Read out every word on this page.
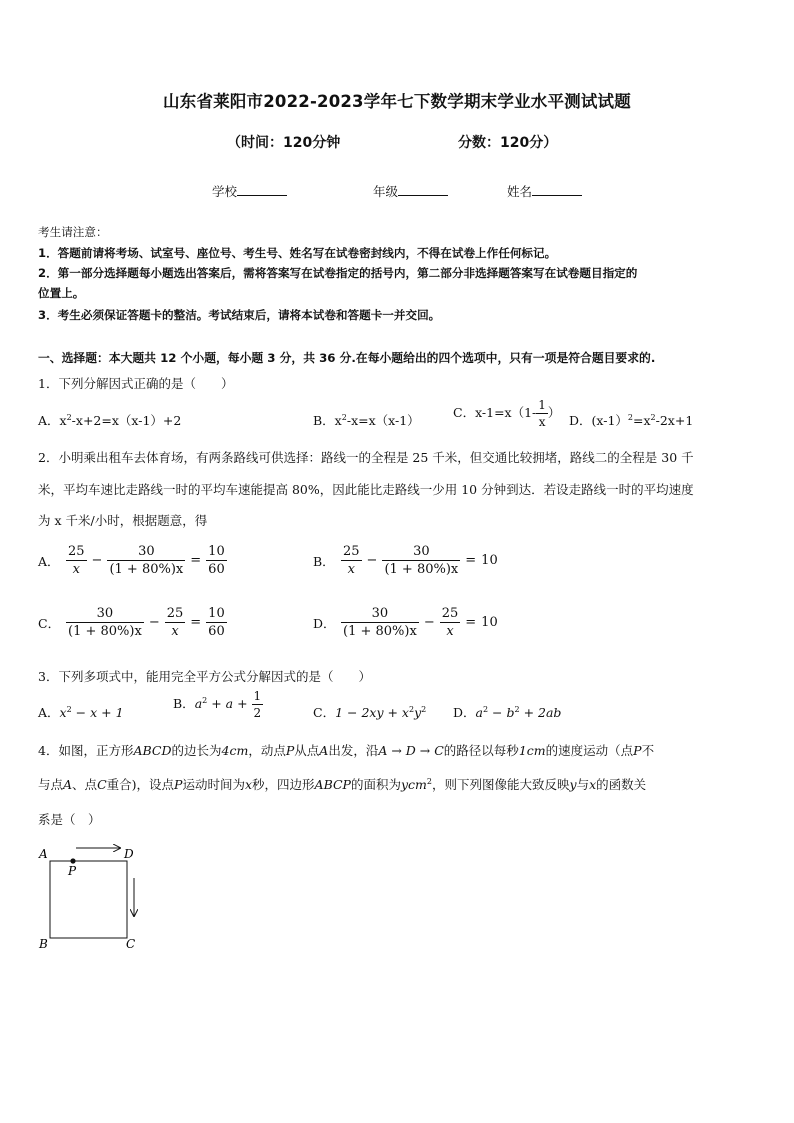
山东省莱阳市2022-2023学年七下数学期末学业水平测试试题
（时间：120分钟	分数：120分）
学校	年级	姓名
考生请注意：
1．答题前请将考场、试室号、座位号、考生号、姓名写在试卷密封线内，不得在试卷上作任何标记。
2．第一部分选择题每小题选出答案后，需将答案写在试卷指定的括号内，第二部分非选择题答案写在试卷题目指定的
位置上。
3．考生必须保证答题卡的整洁。考试结束后，请将本试卷和答题卡一并交回。
一、选择题：本大题共 12 个小题，每小题 3 分，共 36 分.在每小题给出的四个选项中，只有一项是符合题目要求的.
1．下列分解因式正确的是（　　）
A．$x^2-x+2=x(x-1)+2$	B．$x^2-x=x(x-1)$
C．$x-1=x(1- \frac{1}{x}$ ）
D．$(x-1)^2=x^2-2x+1$
2．小明乘出租车去体育场，有两条路线可供选择：路线一的全程是 25 千米，但交通比较拥堵，路线二的全程是 30 千
米，平均车速比走路线一时的平均车速能提高 80%，因此能比走路线一少用 10 分钟到达．若设走路线一时的平均速度
为 x 千米/小时，根据题意，得
A． $\frac{25}{x} - \frac{30}{(1 + 80\%)x} = \frac{10}{60}$	B． $\frac{25}{x} - \frac{30}{(1 + 80\%)x} = 10$
C． $\frac{30}{(1 + 80\%)x} - \frac{25}{x} = \frac{10}{60}$	D． $\frac{30}{(1 + 80\%)x} - \frac{25}{x} = 10$
3．下列多项式中，能用完全平方公式分解因式的是（　　）
A．$x^2 - x + 1$
B．$a^2 + a + \frac{1}{2}$	C．$1 - 2xy + x^2y^2$ D．$a^2 - b^2 + 2ab$
4．如图，正方形ABCD的边长为4cm，动点P从点A出发，沿A → D → C的路径以每秒1cm的速度运动（点P不
与点A、点C重合)，设点P运动时间为x秒，四边形ABCP的面积为ycm$^2$，则下列图像能大致反映y与x的函数关
系是（　）
A	D
P
B	C
